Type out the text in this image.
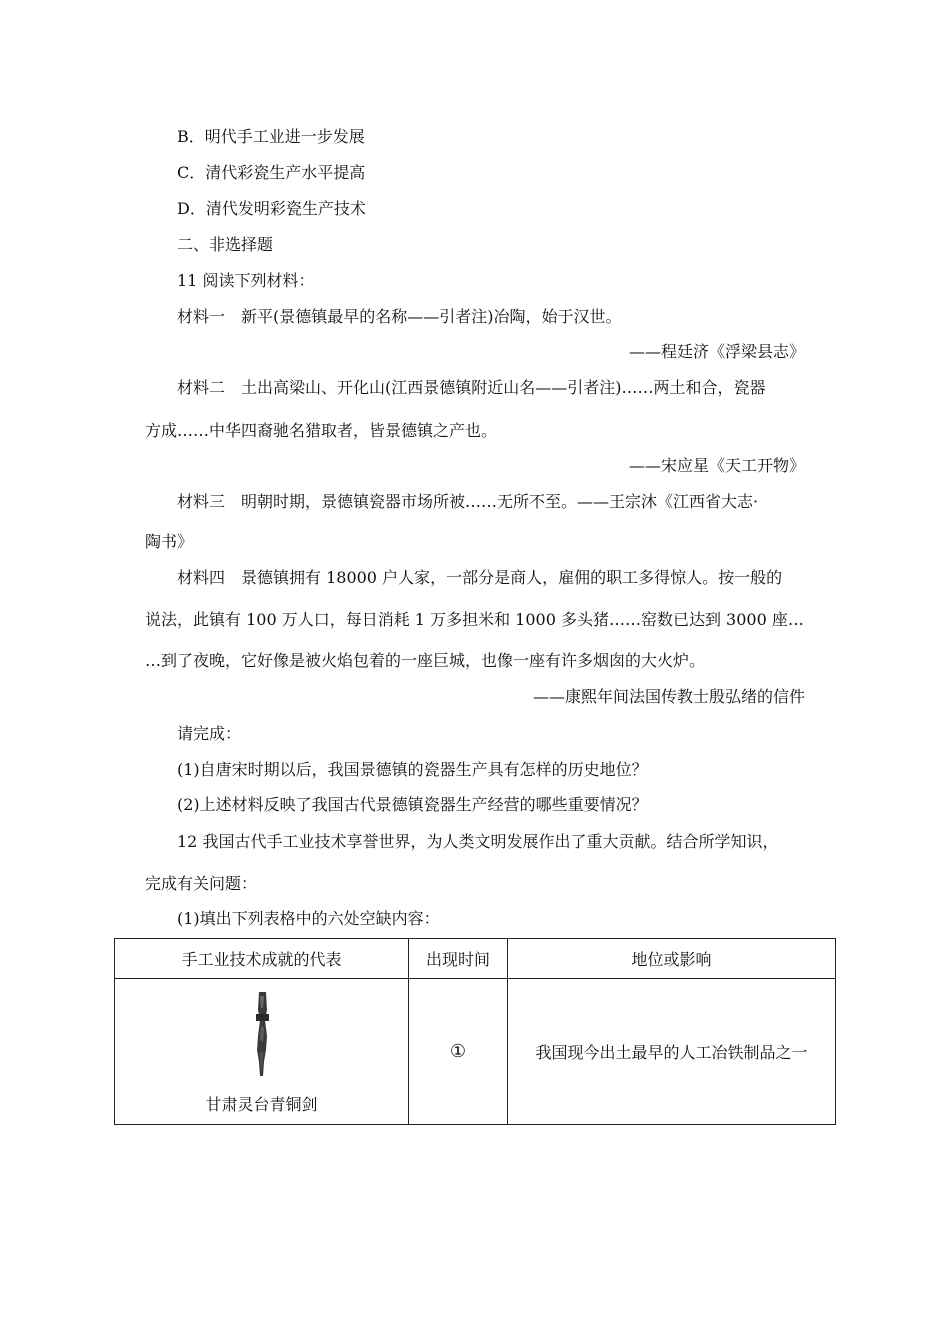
B．明代手工业进一步发展
C．清代彩瓷生产水平提高
D．清代发明彩瓷生产技术
二、非选择题
11 阅读下列材料：
材料一　新平(景德镇最早的名称——引者注)冶陶，始于汉世。
——程廷济《浮梁县志》
材料二　土出高梁山、开化山(江西景德镇附近山名——引者注)……两土和合，瓷器
方成……中华四裔驰名猎取者，皆景德镇之产也。
——宋应星《天工开物》
材料三　明朝时期，景德镇瓷器市场所被……无所不至。——王宗沐《江西省大志·
陶书》
材料四　景德镇拥有 18000 户人家，一部分是商人，雇佣的职工多得惊人。按一般的
说法，此镇有 100 万人口，每日消耗 1 万多担米和 1000 多头猪……窑数已达到 3000 座…
…到了夜晚，它好像是被火焰包着的一座巨城，也像一座有许多烟囱的大火炉。
——康熙年间法国传教士殷弘绪的信件
请完成：
(1)自唐宋时期以后，我国景德镇的瓷器生产具有怎样的历史地位？
(2)上述材料反映了我国古代景德镇瓷器生产经营的哪些重要情况？
12 我国古代手工业技术享誉世界，为人类文明发展作出了重大贡献。结合所学知识，
完成有关问题：
(1)填出下列表格中的六处空缺内容：
手工业技术成就的代表	出现时间	地位或影响

甘肃灵台青铜剑	①	我国现今出土最早的人工冶铁制品之一
